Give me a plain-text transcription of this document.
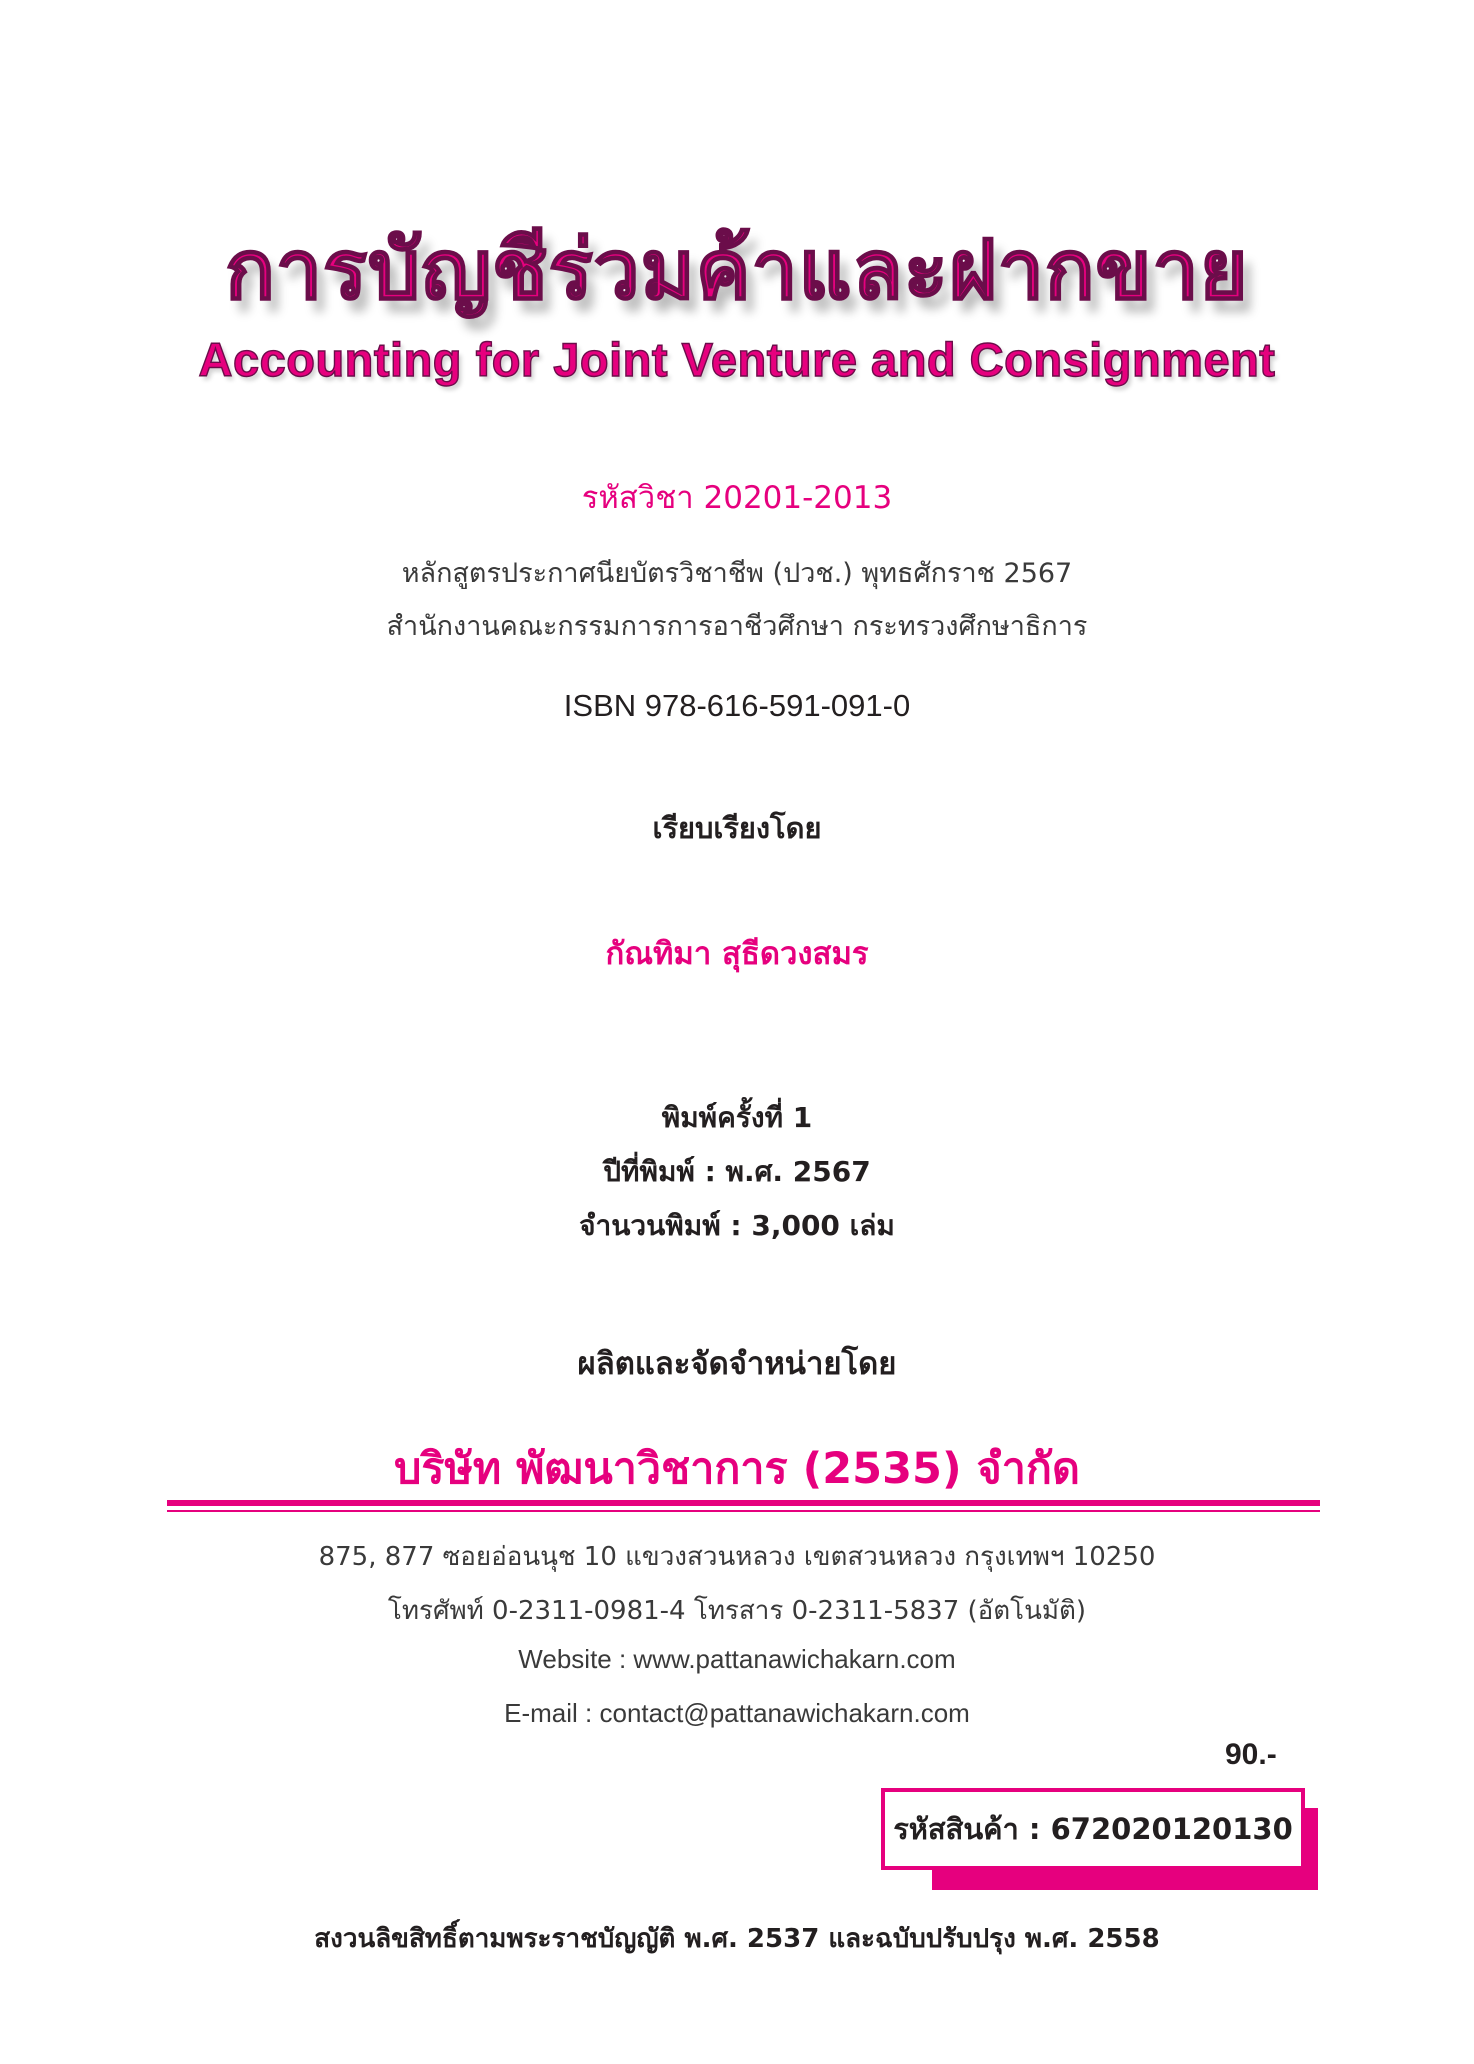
การบัญชีร่วมค้าและฝากขาย
Accounting for Joint Venture and Consignment
รหัสวิชา 20201-2013
หลักสูตรประกาศนียบัตรวิชาชีพ (ปวช.) พุทธศักราช 2567
สำนักงานคณะกรรมการการอาชีวศึกษา กระทรวงศึกษาธิการ
ISBN 978-616-591-091-0
เรียบเรียงโดย
กัณทิมา สุธีดวงสมร
พิมพ์ครั้งที่ 1
ปีที่พิมพ์ : พ.ศ. 2567
จำนวนพิมพ์ : 3,000 เล่ม
ผลิตและจัดจำหน่ายโดย
บริษัท พัฒนาวิชาการ (2535) จำกัด
875, 877 ซอยอ่อนนุช 10 แขวงสวนหลวง เขตสวนหลวง กรุงเทพฯ 10250
โทรศัพท์ 0-2311-0981-4 โทรสาร 0-2311-5837 (อัตโนมัติ)
Website : www.pattanawichakarn.com
E-mail : contact@pattanawichakarn.com
90.-
รหัสสินค้า : 672020120130
สงวนลิขสิทธิ์ตามพระราชบัญญัติ พ.ศ. 2537 และฉบับปรับปรุง พ.ศ. 2558
